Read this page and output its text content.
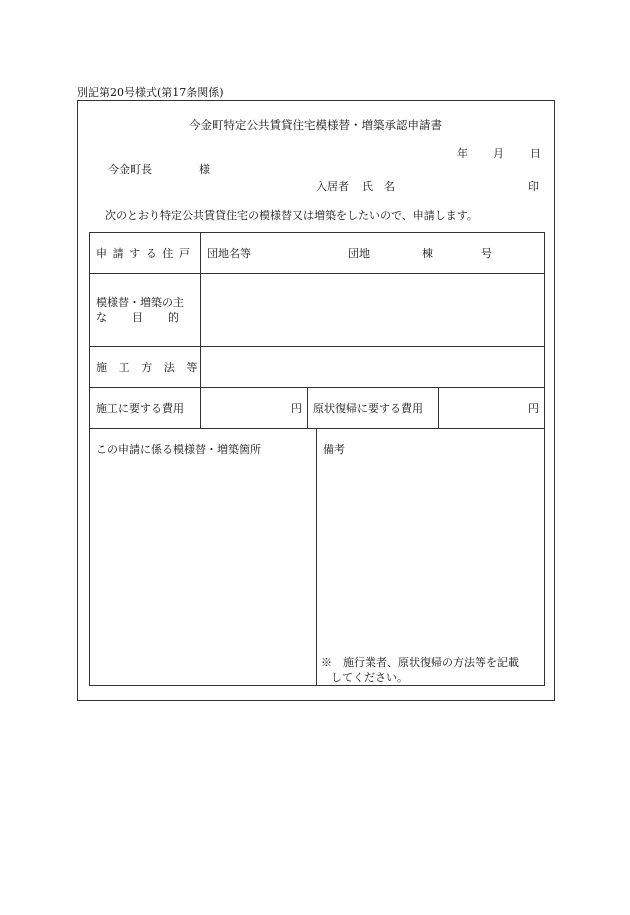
別記第20号様式(第17条関係)
今金町特定公共賃貸住宅模様替・増築承認申請書
年 月 日
今金町長	様
入居者 氏　名	印
次のとおり特定公共賃貸住宅の模様替又は増築をしたいので、申請します。
申請する住戸 団地名等	団地	棟	号
模様替・増築の主
な目的
施工方法等
施工に要する費用	円 原状復帰に要する費用	円
この申請に係る模様替・増築箇所	備考
※　施行業者、原状復帰の方法等を記載
してください。
